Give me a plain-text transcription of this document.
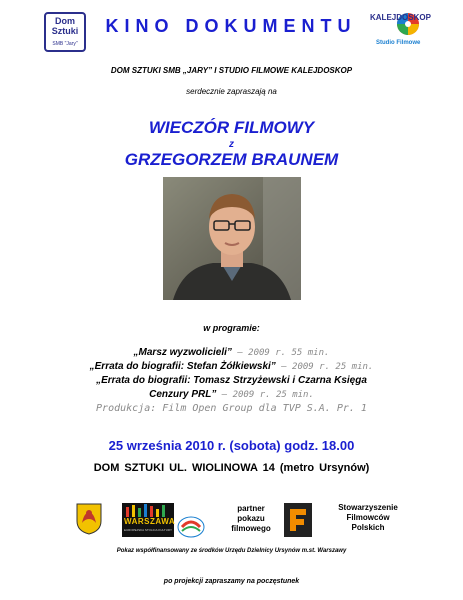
Dom
Sztuki
SMB "Jary"
KINO DOKUMENTU	KALEJDOSKOP
Studio Filmowe
DOM SZTUKI SMB „JARY” I STUDIO FILMOWE KALEJDOSKOP
serdecznie zapraszają na
WIECZÓR FILMOWY
z
GRZEGORZEM BRAUNEM
w programie:
„Marsz wyzwolicieli” – 2009 r. 55 min.
„Errata do biografii: Stefan Żółkiewski” – 2009 r. 25 min.
„Errata do biografii: Tomasz Strzyżewski i Czarna Księga
Cenzury PRL” – 2009 r. 25 min.
Produkcja: Film Open Group dla TVP S.A. Pr. 1
25 września 2010 r. (sobota) godz. 18.00
DOM SZTUKI UL. WIOLINOWA 14 (metro Ursynów)
WARSZAWA
EUROPEJSKA STOLICA KULTURY
partner
pokazu
filmowego
Stowarzyszenie
Filmowców
Polskich
Pokaz współfinansowany ze środków Urzędu Dzielnicy Ursynów m.st. Warszawy
po projekcji zapraszamy na poczęstunek
